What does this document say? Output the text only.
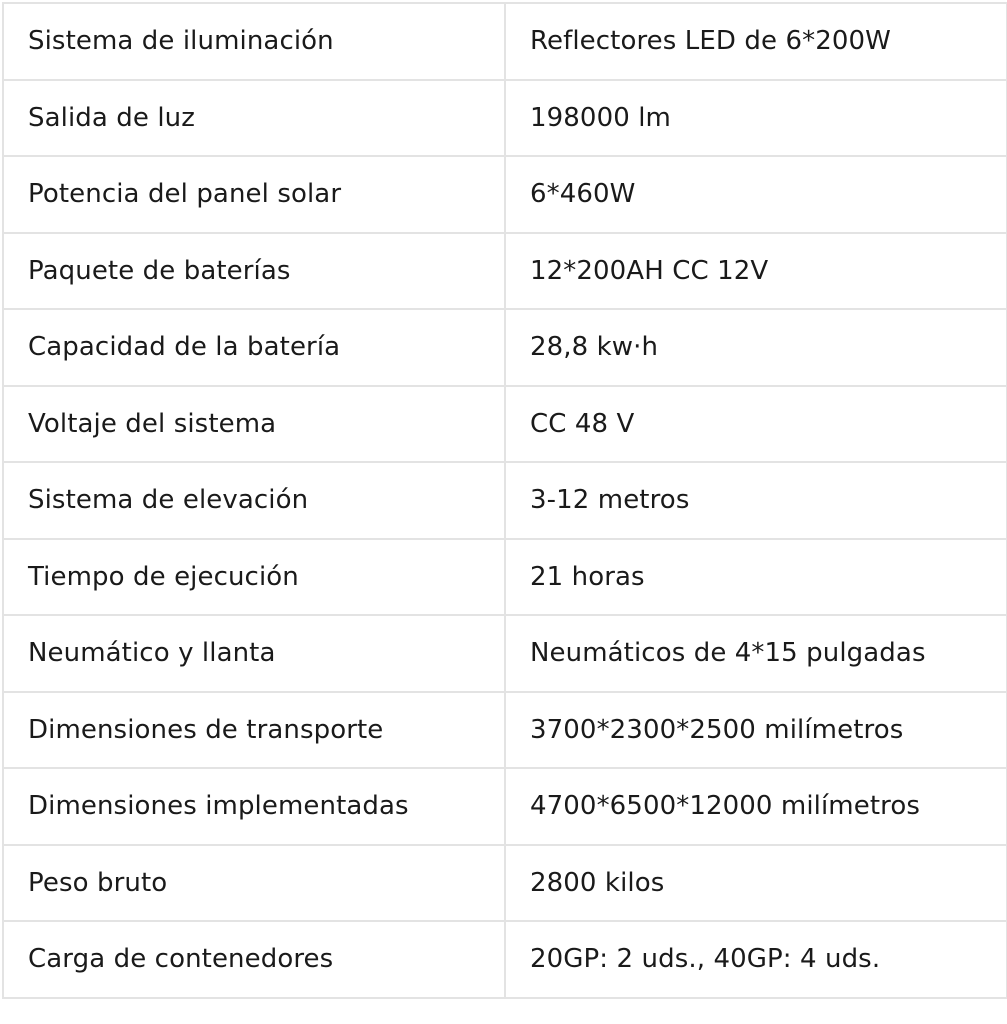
Sistema de iluminación	Reflectores LED de 6*200W
Salida de luz	198000 lm
Potencia del panel solar	6*460W
Paquete de baterías	12*200AH CC 12V
Capacidad de la batería	28,8 kw·h
Voltaje del sistema	CC 48 V
Sistema de elevación	3-12 metros
Tiempo de ejecución	21 horas
Neumático y llanta	Neumáticos de 4*15 pulgadas
Dimensiones de transporte	3700*2300*2500 milímetros
Dimensiones implementadas	4700*6500*12000 milímetros
Peso bruto	2800 kilos
Carga de contenedores	20GP: 2 uds., 40GP: 4 uds.
